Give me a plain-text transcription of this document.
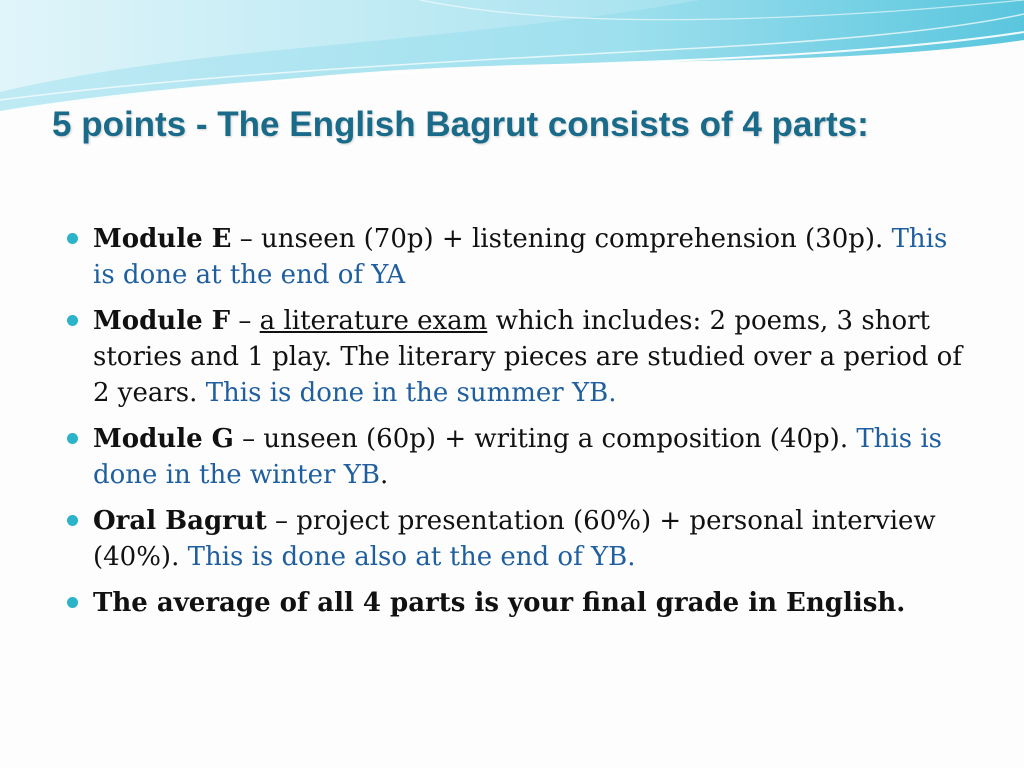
5 points - The English Bagrut consists of 4 parts:
Module E – unseen (70p) + listening comprehension (30p). This is done at the end of YA
Module F – a literature exam which includes: 2 poems, 3 short stories and 1 play. The literary pieces are studied over a period of 2 years. This is done in the summer YB.
Module G – unseen (60p) + writing a composition (40p). This is done in the winter YB.
Oral Bagrut – project presentation (60%) + personal interview (40%). This is done also at the end of YB.
The average of all 4 parts is your final grade in English.
